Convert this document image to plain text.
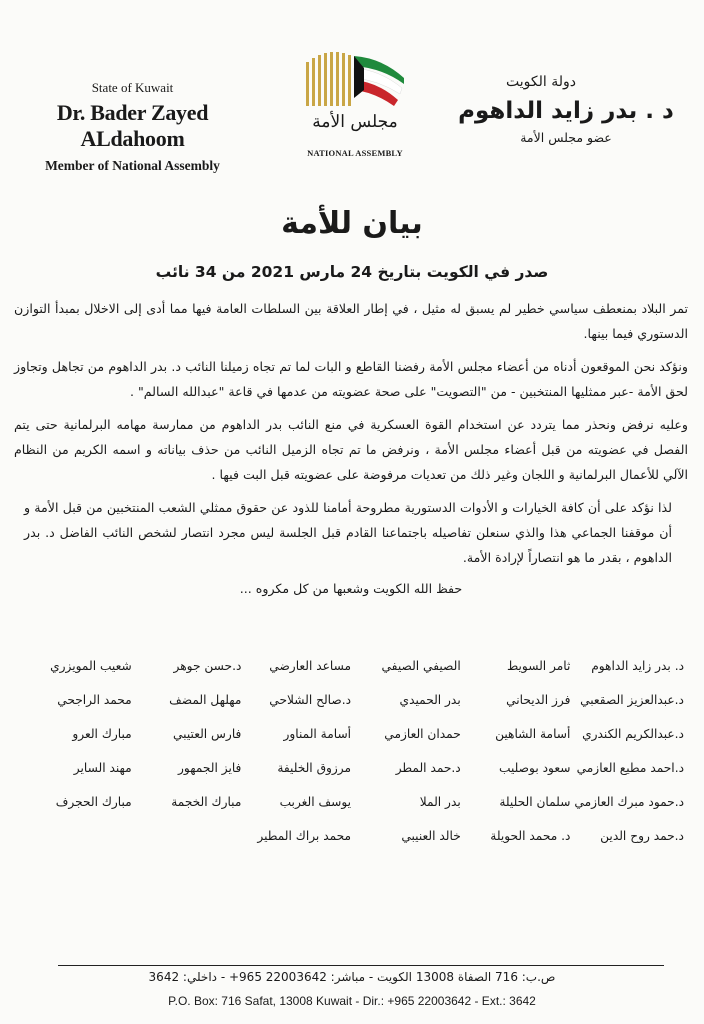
State of Kuwait
Dr. Bader Zayed ALdahoom
Member of National Assembly
مجلس الأمة
NATIONAL ASSEMBLY
دولة الكويت
د . بدر زايد الداهوم
عضو مجلس الأمة
بيان للأمة
صدر في الكويت بتاريخ 24 مارس 2021 من 34 نائب

تمر البلاد بمنعطف سياسي خطير لم يسبق له مثيل ، في إطار العلاقة بين السلطات العامة فيها مما أدى إلى الاخلال بمبدأ التوازن الدستوري فيما بينها.

ونؤكد نحن الموقعون أدناه من أعضاء مجلس الأمة رفضنا القاطع و البات لما تم تجاه زميلنا النائب د. بدر الداهوم من تجاهل وتجاوز لحق الأمة -عبر ممثليها المنتخبين - من "التصويت" على صحة عضويته من عدمها في قاعة "عبدالله السالم" .

وعليه نرفض ونحذر مما يتردد عن استخدام القوة العسكرية في منع النائب بدر الداهوم من ممارسة مهامه البرلمانية حتى يتم الفصل في عضويته من قبل أعضاء مجلس الأمة ، ونرفض ما تم تجاه الزميل النائب من حذف بياناته و اسمه الكريم من النظام الآلي للأعمال البرلمانية و اللجان وغير ذلك من تعديات مرفوضة على عضويته قبل البت فيها .

لذا نؤكد على أن كافة الخيارات و الأدوات الدستورية مطروحة أمامنا للذود عن حقوق ممثلي الشعب المنتخبين من قبل الأمة و أن موقفنا الجماعي هذا والذي سنعلن تفاصيله باجتماعنا القادم قبل الجلسة ليس مجرد انتصار لشخص النائب الفاضل د. بدر الداهوم ، بقدر ما هو انتصاراً لإرادة الأمة.

حفظ الله الكويت وشعبها من كل مكروه ...

د. بدر زايد الداهوم
ثامر السويط
الصيفي الصيفي
مساعد العارضي
د.حسن جوهر
شعيب المويزري
د.عبدالعزيز الصقعبي
فرز الديحاني
بدر الحميدي
د.صالح الشلاحي
مهلهل المضف
محمد الراجحي
د.عبدالكريم الكندري
أسامة الشاهين
حمدان العازمي
أسامة المناور
فارس العتيبي
مبارك العرو
د.احمد مطيع العازمي
سعود بوصليب
د.حمد المطر
مرزوق الخليفة
فايز الجمهور
مهند الساير
د.حمود مبرك العازمي
سلمان الحليلة
بدر الملا
يوسف الغربب
مبارك الخجمة
مبارك الحجرف
د.حمد روح الدين
د. محمد الحويلة
خالد العنيبي
محمد براك المطير
ص.ب: 716 الصفاة 13008 الكويت - مباشر: 22003642 965+ - داخلي: 3642
P.O. Box: 716 Safat, 13008 Kuwait - Dir.: +965 22003642 - Ext.: 3642
